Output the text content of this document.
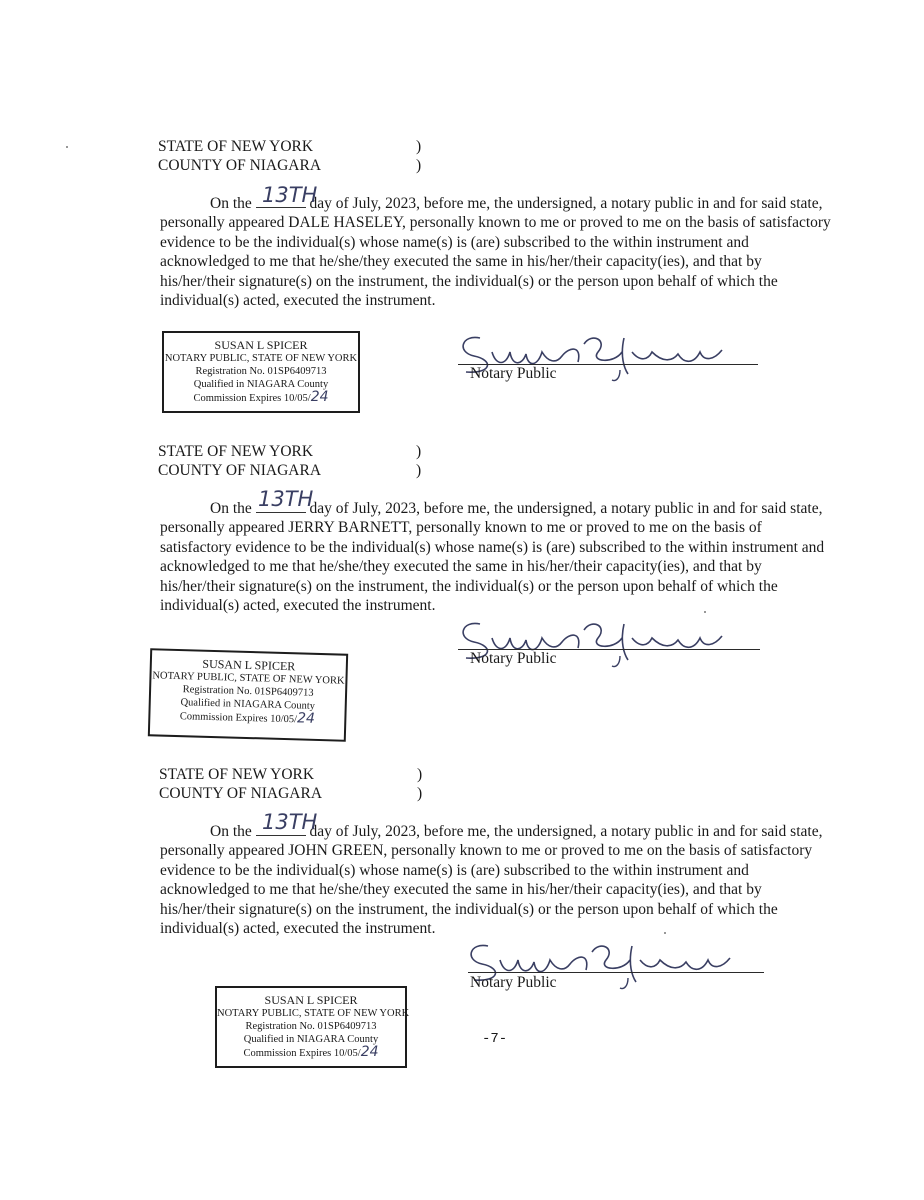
STATE OF NEW YORK
COUNTY OF NIAGARA
)
)
On the	day of July, 2023, before me, the undersigned, a notary public in and for said state, personally appeared DALE HASELEY, personally known to me or proved to me on the basis of satisfactory evidence to be the individual(s) whose name(s) is (are) subscribed to the within instrument and acknowledged to me that he/she/they executed the same in his/her/their capacity(ies), and that by his/her/their signature(s) on the instrument, the individual(s) or the person upon behalf of which the individual(s) acted, executed the instrument.
13TH
SUSAN L SPICER
NOTARY PUBLIC, STATE OF NEW YORK
Registration No. 01SP6409713
Qualified in NIAGARA County
Commission Expires 10/05/24
Notary Public
STATE OF NEW YORK
COUNTY OF NIAGARA
)
)
On the	day of July, 2023, before me, the undersigned, a notary public in and for said state, personally appeared JERRY BARNETT, personally known to me or proved to me on the basis of satisfactory evidence to be the individual(s) whose name(s) is (are) subscribed to the within instrument and acknowledged to me that he/she/they executed the same in his/her/their capacity(ies), and that by his/her/their signature(s) on the instrument, the individual(s) or the person upon behalf of which the individual(s) acted, executed the instrument.
13TH
Notary Public
SUSAN L SPICER
NOTARY PUBLIC, STATE OF NEW YORK
Registration No. 01SP6409713
Qualified in NIAGARA County
Commission Expires 10/05/24
STATE OF NEW YORK
COUNTY OF NIAGARA
)
)
On the	day of July, 2023, before me, the undersigned, a notary public in and for said state, personally appeared JOHN GREEN, personally known to me or proved to me on the basis of satisfactory evidence to be the individual(s) whose name(s) is (are) subscribed to the within instrument and acknowledged to me that he/she/they executed the same in his/her/their capacity(ies), and that by his/her/their signature(s) on the instrument, the individual(s) or the person upon behalf of which the individual(s) acted, executed the instrument.
13TH
Notary Public
SUSAN L SPICER
NOTARY PUBLIC, STATE OF NEW YORK
Registration No. 01SP6409713
Qualified in NIAGARA County
Commission Expires 10/05/24
-7-
